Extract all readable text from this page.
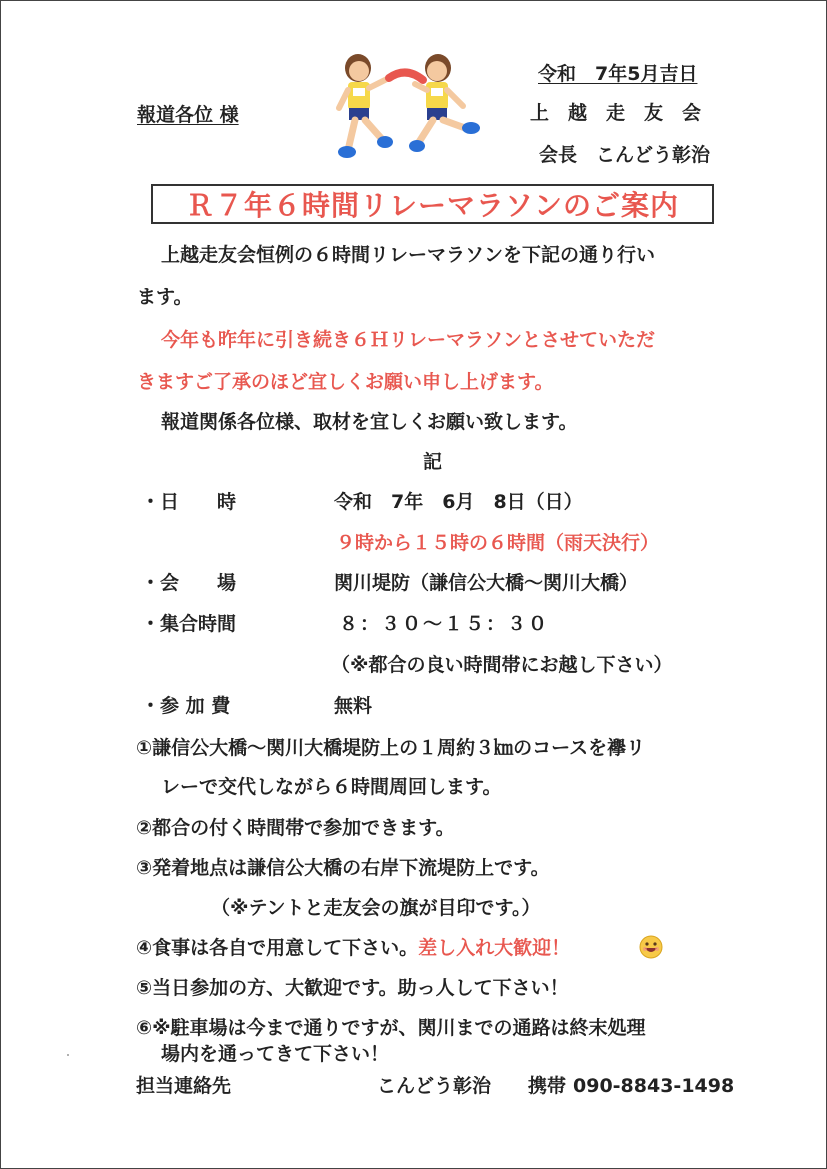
報道各位 様
令和　7年5月吉日
上　越　走　友　会
会長　こんどう彰治
Ｒ７年６時間リレーマラソンのご案内
上越走友会恒例の６時間リレーマラソンを下記の通り行い
ます。
今年も昨年に引き続き６Ｈリレーマラソンとさせていただ
きますご了承のほど宜しくお願い申し上げます。
報道関係各位様、取材を宜しくお願い致します。
記
・日　　時	令和　7年　6月　8日（日）
９時から１５時の６時間（雨天決行）
・会　　場	関川堤防（謙信公大橋～関川大橋）
・集合時間	８：３０～１５：３０
（※都合の良い時間帯にお越し下さい）
・参 加 費	無料
①謙信公大橋～関川大橋堤防上の１周約３㎞のコースを襷リ
レーで交代しながら６時間周回します。
②都合の付く時間帯で参加できます。
③発着地点は謙信公大橋の右岸下流堤防上です。
（※テントと走友会の旗が目印です。）
④食事は各自で用意して下さい。差し入れ大歓迎！
⑤当日参加の方、大歓迎です。助っ人して下さい！
⑥※駐車場は今まで通りですが、関川までの通路は終末処理
場内を通ってきて下さい！
担当連絡先	こんどう彰治 携帯 090-8843-1498
